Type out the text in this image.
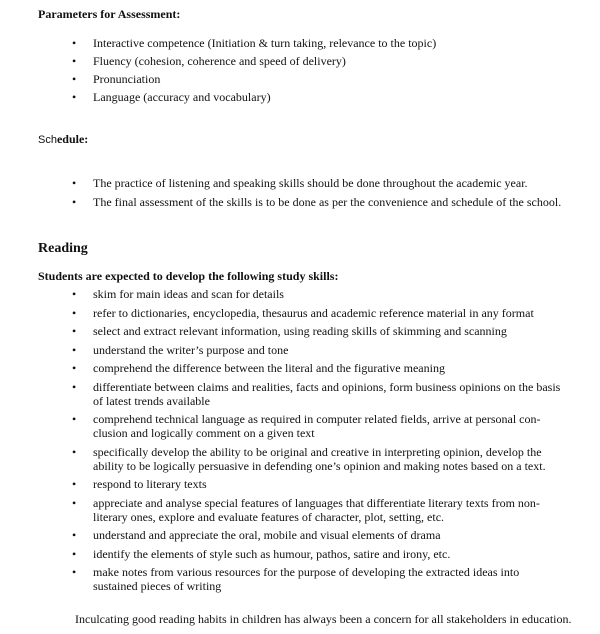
Parameters for Assessment:
• Interactive competence (Initiation & turn taking, relevance to the topic)
• Fluency (cohesion, coherence and speed of delivery)
• Pronunciation
• Language (accuracy and vocabulary)
Schedule:
• The practice of listening and speaking skills should be done throughout the academic year.
• The final assessment of the skills is to be done as per the convenience and schedule of the school.
Reading
Students are expected to develop the following study skills:
• skim for main ideas and scan for details
• refer to dictionaries, encyclopedia, thesaurus and academic reference material in any format
• select and extract relevant information, using reading skills of skimming and scanning
• understand the writer’s purpose and tone
• comprehend the difference between the literal and the figurative meaning
• differentiate between claims and realities, facts and opinions, form business opinions on the basis of latest trends available
• comprehend technical language as required in computer related fields, arrive at personal con-clusion and logically comment on a given text
• specifically develop the ability to be original and creative in interpreting opinion, develop the ability to be logically persuasive in defending one’s opinion and making notes based on a text.
• respond to literary texts
• appreciate and analyse special features of languages that differentiate literary texts from non-literary ones, explore and evaluate features of character, plot, setting, etc.
• understand and appreciate the oral, mobile and visual elements of drama
• identify the elements of style such as humour, pathos, satire and irony, etc.
• make notes from various resources for the purpose of developing the extracted ideas into sustained pieces of writing
Inculcating good reading habits in children has always been a concern for all stakeholders in education.
